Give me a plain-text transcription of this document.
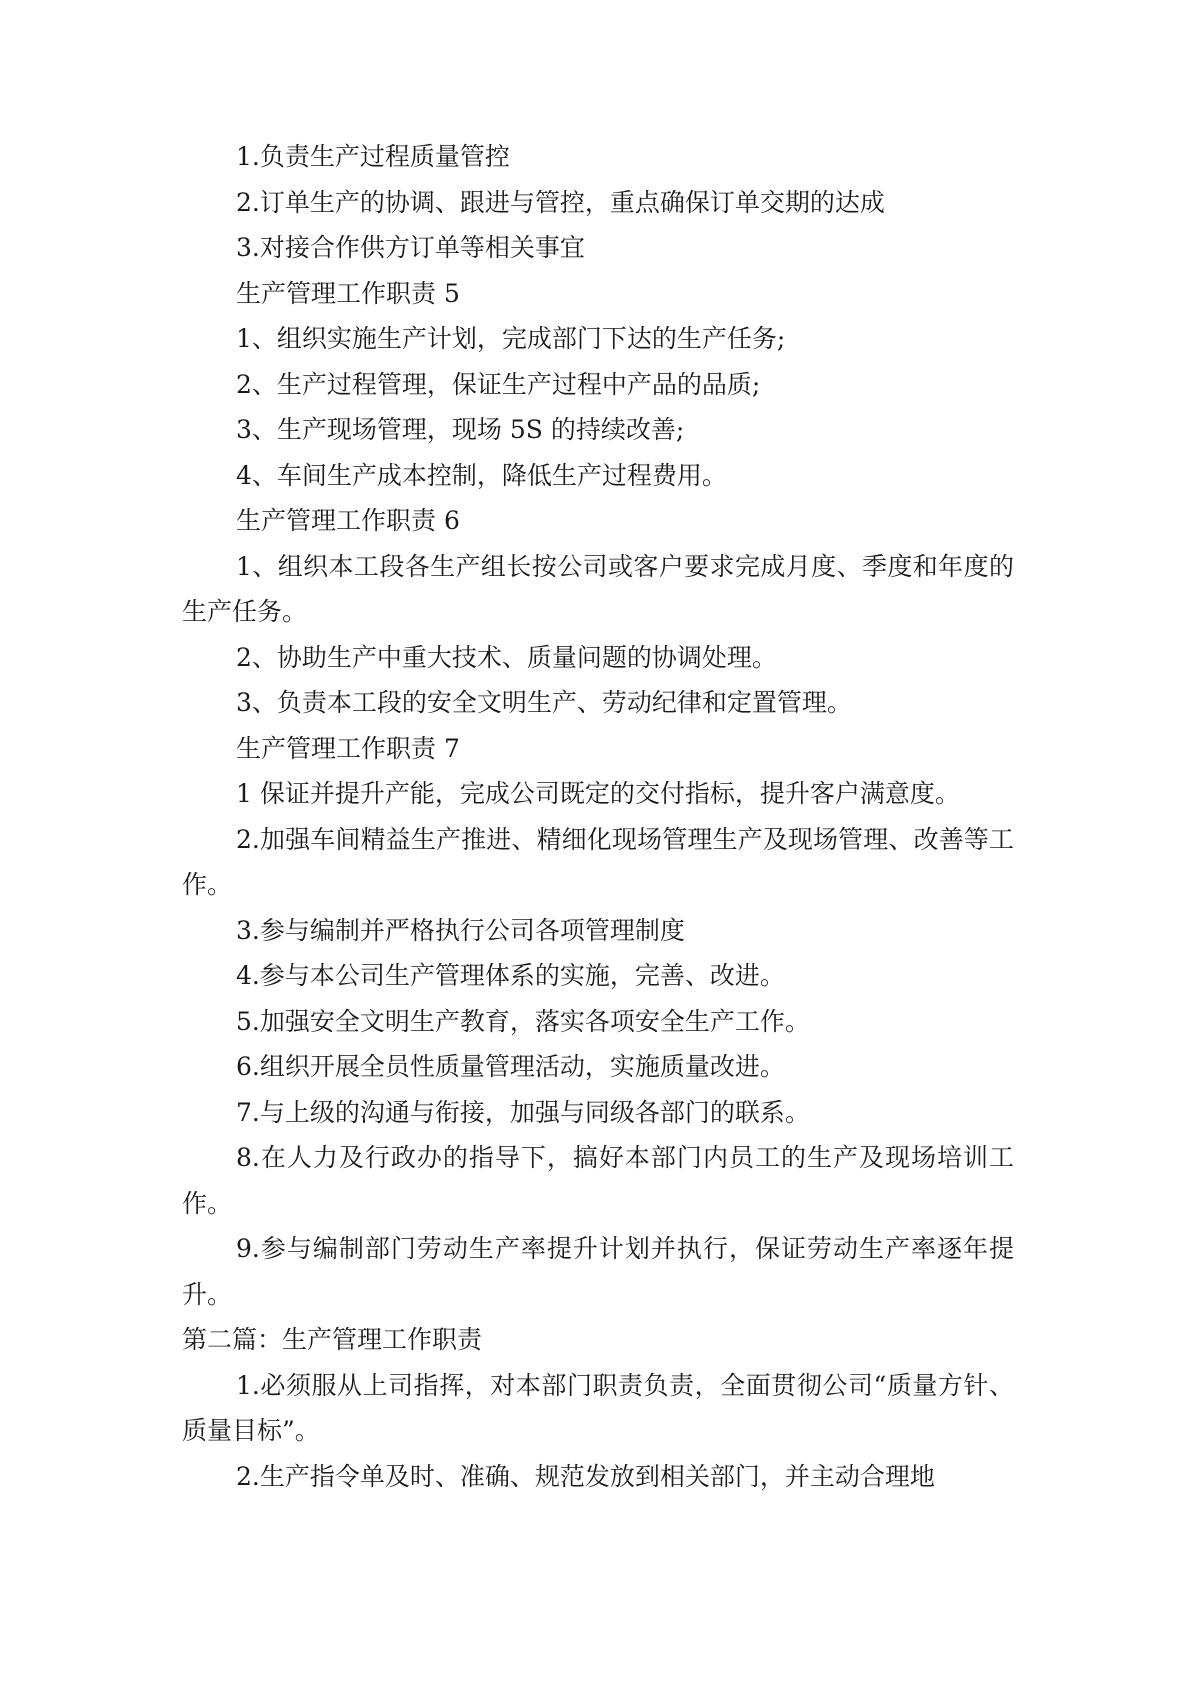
1.负责生产过程质量管控

2.订单生产的协调、跟进与管控，重点确保订单交期的达成

3.对接合作供方订单等相关事宜

生产管理工作职责 5

1、组织实施生产计划，完成部门下达的生产任务;

2、生产过程管理，保证生产过程中产品的品质;

3、生产现场管理，现场 5S 的持续改善;

4、车间生产成本控制，降低生产过程费用。

生产管理工作职责 6

1、组织本工段各生产组长按公司或客户要求完成月度、季度和年度的生产任务。

2、协助生产中重大技术、质量问题的协调处理。

3、负责本工段的安全文明生产、劳动纪律和定置管理。

生产管理工作职责 7

1 保证并提升产能，完成公司既定的交付指标，提升客户满意度。

2.加强车间精益生产推进、精细化现场管理生产及现场管理、改善等工作。

3.参与编制并严格执行公司各项管理制度

4.参与本公司生产管理体系的实施，完善、改进。

5.加强安全文明生产教育，落实各项安全生产工作。

6.组织开展全员性质量管理活动，实施质量改进。

7.与上级的沟通与衔接，加强与同级各部门的联系。

8.在人力及行政办的指导下，搞好本部门内员工的生产及现场培训工作。

9.参与编制部门劳动生产率提升计划并执行，保证劳动生产率逐年提升。

第二篇：生产管理工作职责

1.必须服从上司指挥，对本部门职责负责，全面贯彻公司“质量方针、质量目标”。

2.生产指令单及时、准确、规范发放到相关部门，并主动合理地
